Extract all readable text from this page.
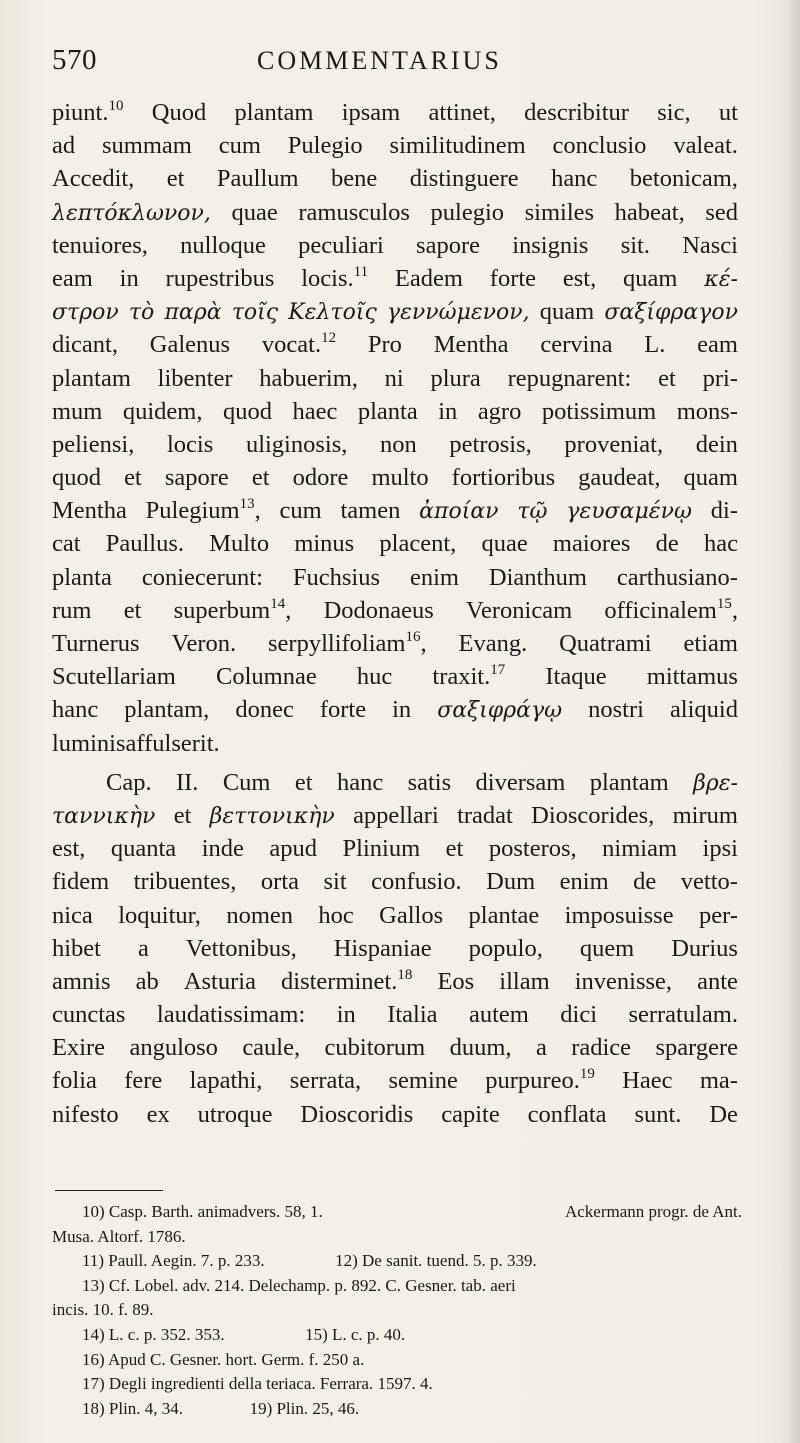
570	COMMENTARIUS
piunt.$^{10}$ Quod plantam ipsam attinet, describitur sic, ut
ad summam cum Pulegio similitudinem conclusio valeat.
Accedit, et Paullum bene distinguere hanc betonicam,
λεπτόκλωνον, quae ramusculos pulegio similes habeat, sed
tenuiores, nulloque peculiari sapore insignis sit. Nasci
eam in rupestribus locis.$^{11}$ Eadem forte est, quam κέ-
στρον τὸ παρὰ τοῖς Κελτοῖς γεννώμενον, quam σαξίφραγον
dicant, Galenus vocat.$^{12}$ Pro Mentha cervina L. eam
plantam libenter habuerim, ni plura repugnarent: et pri-
mum quidem, quod haec planta in agro potissimum mons-
peliensi, locis uliginosis, non petrosis, proveniat, dein
quod et sapore et odore multo fortioribus gaudeat, quam
Mentha Pulegium$^{13}$, cum tamen ἀποίαν τῷ γευσαμένῳ di-
cat Paullus. Multo minus placent, quae maiores de hac
planta coniecerunt: Fuchsius enim Dianthum carthusiano-
rum et superbum$^{14}$, Dodonaeus Veronicam officinalem$^{15}$,
Turnerus Veron. serpyllifoliam$^{16}$, Evang. Quatrami etiam
Scutellariam Columnae huc traxit.$^{17}$ Itaque mittamus
hanc plantam, donec forte in σαξιφράγῳ nostri aliquid
luminis affulserit.
Cap. II. Cum et hanc satis diversam plantam βρε-
ταννικὴν et βεττονικὴν appellari tradat Dioscorides, mirum
est, quanta inde apud Plinium et posteros, nimiam ipsi
fidem tribuentes, orta sit confusio. Dum enim de vetto-
nica loquitur, nomen hoc Gallos plantae imposuisse per-
hibet a Vettonibus, Hispaniae populo, quem Durius
amnis ab Asturia disterminet.$^{18}$ Eos illam invenisse, ante
cunctas laudatissimam: in Italia autem dici serratulam.
Exire anguloso caule, cubitorum duum, a radice spargere
folia fere lapathi, serrata, semine purpureo.$^{19}$ Haec ma-
nifesto ex utroque Dioscoridis capite conflata sunt. De
10) Casp. Barth. animadvers. 58, 1.	Ackermann progr. de Ant.
Musa. Altorf. 1786.
11) Paull. Aegin. 7. p. 233.	12) De sanit. tuend. 5. p. 339.
13) Cf. Lobel. adv. 214. Delechamp. p. 892. C. Gesner. tab. aeri
incis. 10. f. 89.
14) L. c. p. 352. 353.	15) L. c. p. 40.
16) Apud C. Gesner. hort. Germ. f. 250 a.
17) Degli ingredienti della teriaca. Ferrara. 1597. 4.
18) Plin. 4, 34.	19) Plin. 25, 46.
